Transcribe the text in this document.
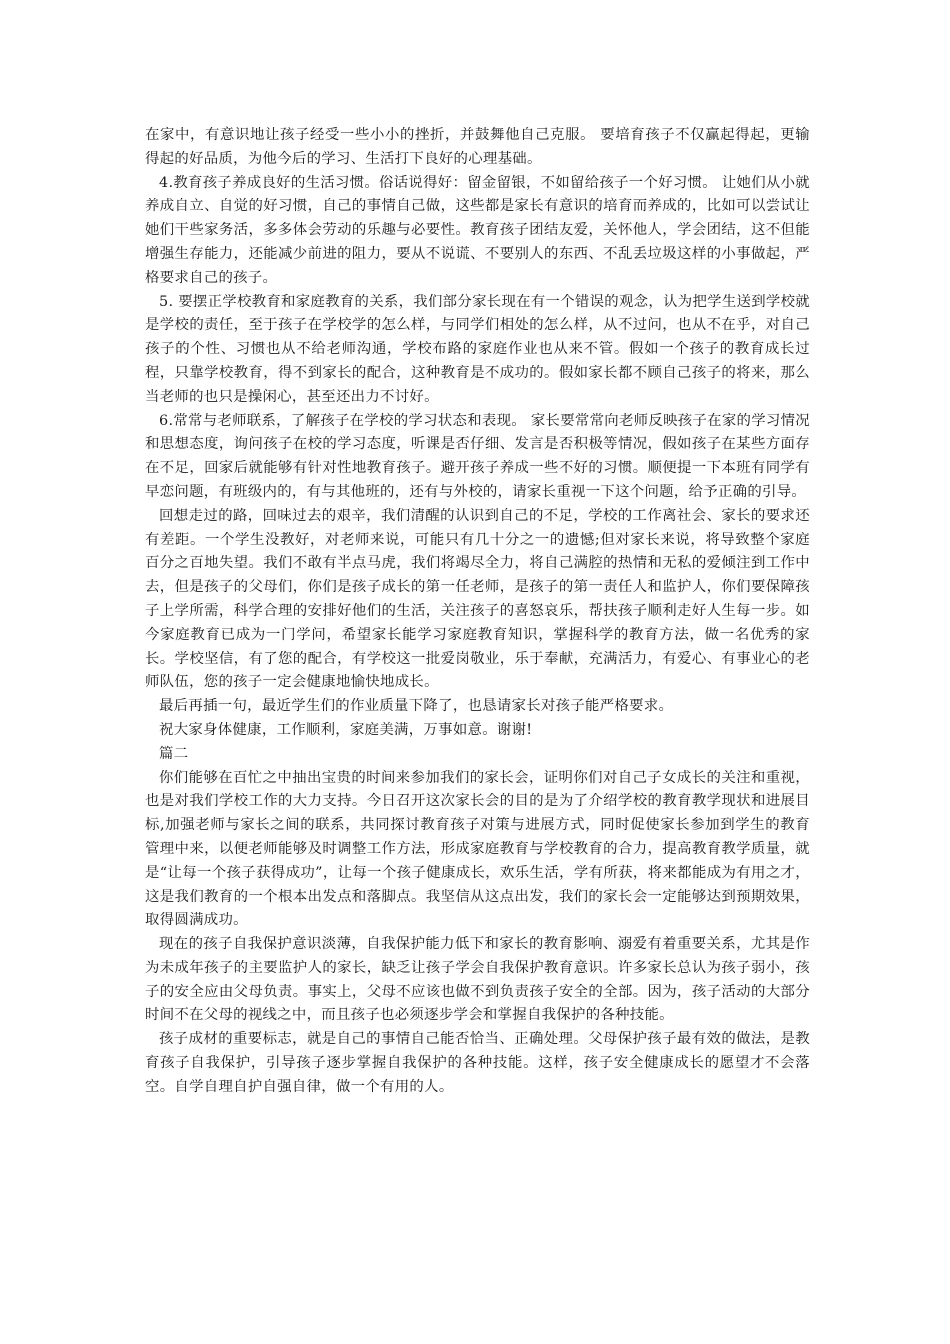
在家中，有意识地让孩子经受一些小小的挫折，并鼓舞他自己克服。 要培育孩子不仅赢起得起，更输得起的好品质，为他今后的学习、生活打下良好的心理基础。

4.教育孩子养成良好的生活习惯。俗话说得好：留金留银，不如留给孩子一个好习惯。 让她们从小就养成自立、自觉的好习惯，自己的事情自己做，这些都是家长有意识的培育而养成的，比如可以尝试让她们干些家务活，多多体会劳动的乐趣与必要性。教育孩子团结友爱，关怀他人，学会团结，这不但能增强生存能力，还能减少前进的阻力，要从不说谎、不要别人的东西、不乱丢垃圾这样的小事做起，严格要求自己的孩子。

5. 要摆正学校教育和家庭教育的关系，我们部分家长现在有一个错误的观念，认为把学生送到学校就是学校的责任，至于孩子在学校学的怎么样，与同学们相处的怎么样，从不过问，也从不在乎，对自己孩子的个性、习惯也从不给老师沟通，学校布路的家庭作业也从来不管。假如一个孩子的教育成长过程，只靠学校教育，得不到家长的配合，这种教育是不成功的。假如家长都不顾自己孩子的将来，那么当老师的也只是操闲心，甚至还出力不讨好。

6.常常与老师联系，了解孩子在学校的学习状态和表现。 家长要常常向老师反映孩子在家的学习情况和思想态度，询问孩子在校的学习态度，听课是否仔细、发言是否积极等情况，假如孩子在某些方面存在不足，回家后就能够有针对性地教育孩子。避开孩子养成一些不好的习惯。顺便提一下本班有同学有早恋问题，有班级内的，有与其他班的，还有与外校的，请家长重视一下这个问题，给予正确的引导。

回想走过的路，回味过去的艰辛，我们清醒的认识到自己的不足，学校的工作离社会、家长的要求还有差距。一个学生没教好，对老师来说，可能只有几十分之一的遗憾;但对家长来说，将导致整个家庭百分之百地失望。我们不敢有半点马虎，我们将竭尽全力，将自己满腔的热情和无私的爱倾注到工作中去，但是孩子的父母们，你们是孩子成长的第一任老师，是孩子的第一责任人和监护人，你们要保障孩子上学所需，科学合理的安排好他们的生活，关注孩子的喜怒哀乐，帮扶孩子顺利走好人生每一步。如今家庭教育已成为一门学问，希望家长能学习家庭教育知识，掌握科学的教育方法，做一名优秀的家长。学校坚信，有了您的配合，有学校这一批爱岗敬业，乐于奉献，充满活力，有爱心、有事业心的老师队伍，您的孩子一定会健康地愉快地成长。

最后再插一句，最近学生们的作业质量下降了，也恳请家长对孩子能严格要求。

祝大家身体健康，工作顺利，家庭美满，万事如意。谢谢!

篇二

你们能够在百忙之中抽出宝贵的时间来参加我们的家长会，证明你们对自己子女成长的关注和重视，也是对我们学校工作的大力支持。今日召开这次家长会的目的是为了介绍学校的教育教学现状和进展目标,加强老师与家长之间的联系，共同探讨教育孩子对策与进展方式，同时促使家长参加到学生的教育管理中来，以便老师能够及时调整工作方法，形成家庭教育与学校教育的合力，提高教育教学质量，就是“让每一个孩子获得成功”，让每一个孩子健康成长，欢乐生活，学有所获，将来都能成为有用之才，这是我们教育的一个根本出发点和落脚点。我坚信从这点出发，我们的家长会一定能够达到预期效果，取得圆满成功。

现在的孩子自我保护意识淡薄，自我保护能力低下和家长的教育影响、溺爱有着重要关系，尤其是作为未成年孩子的主要监护人的家长，缺乏让孩子学会自我保护教育意识。许多家长总认为孩子弱小，孩子的安全应由父母负责。事实上，父母不应该也做不到负责孩子安全的全部。因为，孩子活动的大部分时间不在父母的视线之中，而且孩子也必须逐步学会和掌握自我保护的各种技能。

孩子成材的重要标志，就是自己的事情自己能否恰当、正确处理。父母保护孩子最有效的做法，是教育孩子自我保护，引导孩子逐步掌握自我保护的各种技能。这样，孩子安全健康成长的愿望才不会落空。自学自理自护自强自律，做一个有用的人。
